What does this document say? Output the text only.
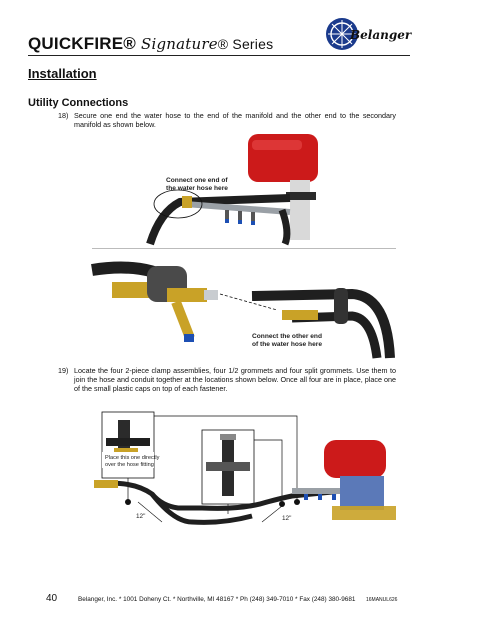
QUICKFIRE® Signature® Series
Belanger
Installation
Utility Connections
18) Secure one end the water hose to the end of the manifold and the other end to the secondary manifold as shown below.
Connect one end of
the water hose here
Connect the other end
of the water hose here
19) Locate the four 2-piece clamp assemblies, four 1/2 grommets and four split grommets. Use them to join the hose and conduit together at the locations shown below. Once all four are in place, place one of the small plastic caps on top of each fastener.
Place this one directly
over the hose fitting
12"	12"
40	Belanger, Inc. * 1001 Doheny Ct. * Northville, MI 48167 * Ph (248) 349-7010 * Fax (248) 380-9681 16MANUL626
